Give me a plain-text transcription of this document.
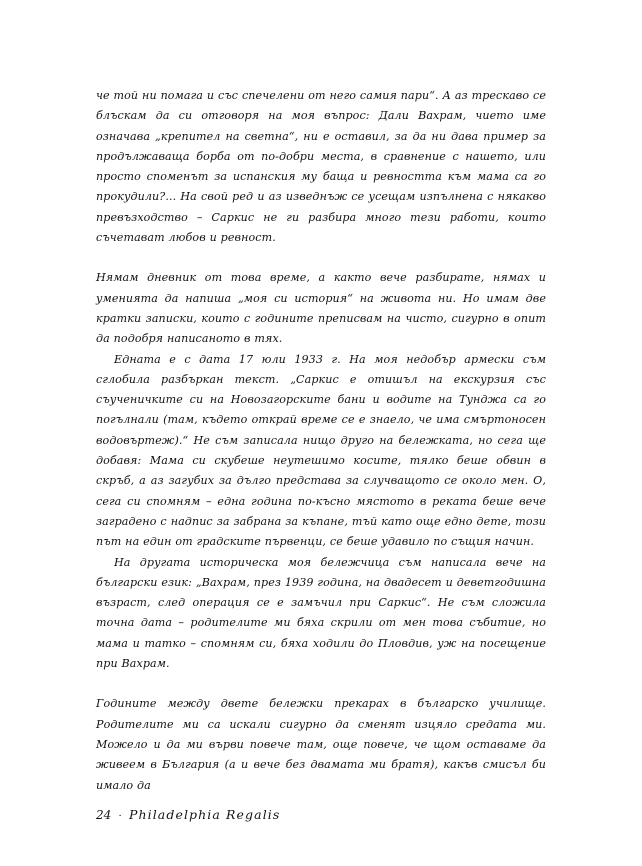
че той ни помага и със спечелени от него самия пари“. А аз трескаво се блъскам да си отговоря на моя въпрос: Дали Вахрам, чието име означава „крепител на светна“, ни е оставил, за да ни дава пример за продължаваща борба от по-добри места, в сравнение с нашето, или просто споменът за испанския му баща и ревността към мама са го прокудили?... На свой ред и аз изведнъж се усещам изпълнена с някакво превъзходство – Саркис не ги разбира много тези работи, които съчетават любов и ревност.

Нямам дневник от това време, а както вече разбирате, нямах и уменията да напиша „моя си история“ на живота ни. Но имам две кратки записки, които с годините преписвам на чисто, сигурно в опит да подобря написаното в тях.

Едната е с дата 17 юли 1933 г. На моя недобър армески съм сглобила разбъркан текст. „Саркис е отишъл на екскурзия със съученичките си на Новозагорските бани и водите на Тунджа са го погълнали (там, където открай време се е знаело, че има смъртоносен водовъртеж).“ Не съм записала нищо друго на бележката, но сега ще добавя: Мама си скубеше неутешимо косите, тялко беше обвин в скръб, а аз загубих за дълго представа за случващото се около мен. О, сега си спомням – една година по-късно мястото в реката беше вече заградено с надпис за забрана за къпане, тъй като още едно дете, този път на един от градските първенци, се беше удавило по същия начин.

На другата историческа моя бележчица съм написала вече на български език: „Вахрам, през 1939 година, на двадесет и деветгодишна възраст, след операция се е замъчил при Саркис“. Не съм сложила точна дата – родителите ми бяха скрили от мен това събитие, но мама и татко – спомням си, бяха ходили до Пловдив, уж на посещение при Вахрам.

Годините между двете бележки прекарах в българско училище. Родителите ми са искали сигурно да сменят изцяло средата ми. Можело и да ми върви повече там, още повече, че щом оставаме да живеем в България (а и вече без двамата ми братя), какъв смисъл би имало да

24 · Philadelphia Regalis
